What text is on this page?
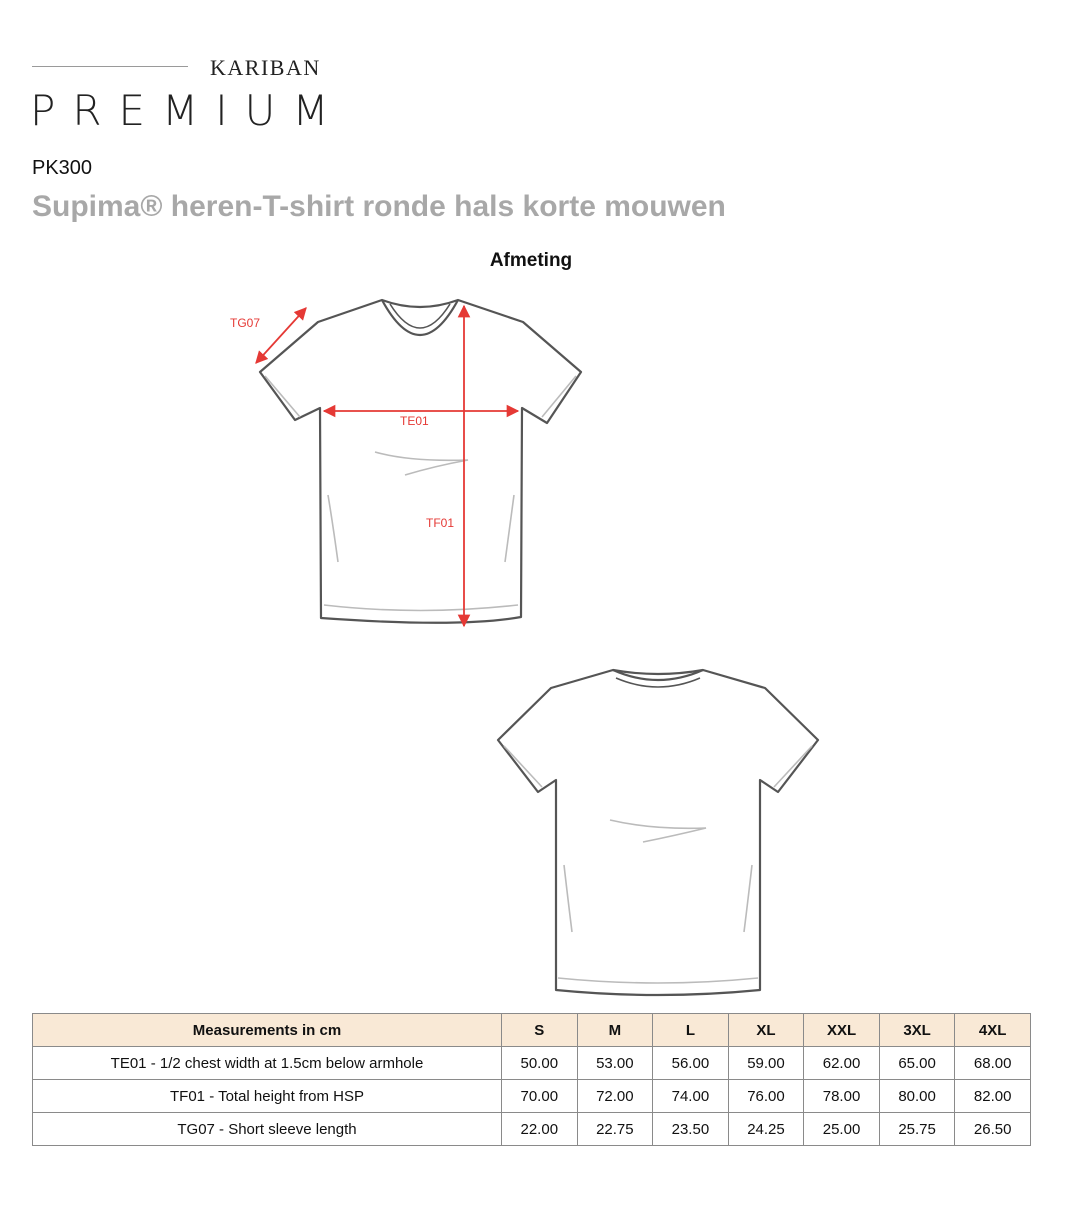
KARIBAN
PREMIUM
PK300
Supima® heren-T-shirt ronde hals korte mouwen
Afmeting
TG07
TE01
TF01
Measurements in cm	S	M	L	XL	XXL	3XL	4XL
TE01 - 1/2 chest width at 1.5cm below armhole	50.00	53.00	56.00	59.00	62.00	65.00	68.00
TF01 - Total height from HSP	70.00	72.00	74.00	76.00	78.00	80.00	82.00
TG07 - Short sleeve length	22.00	22.75	23.50	24.25	25.00	25.75	26.50
